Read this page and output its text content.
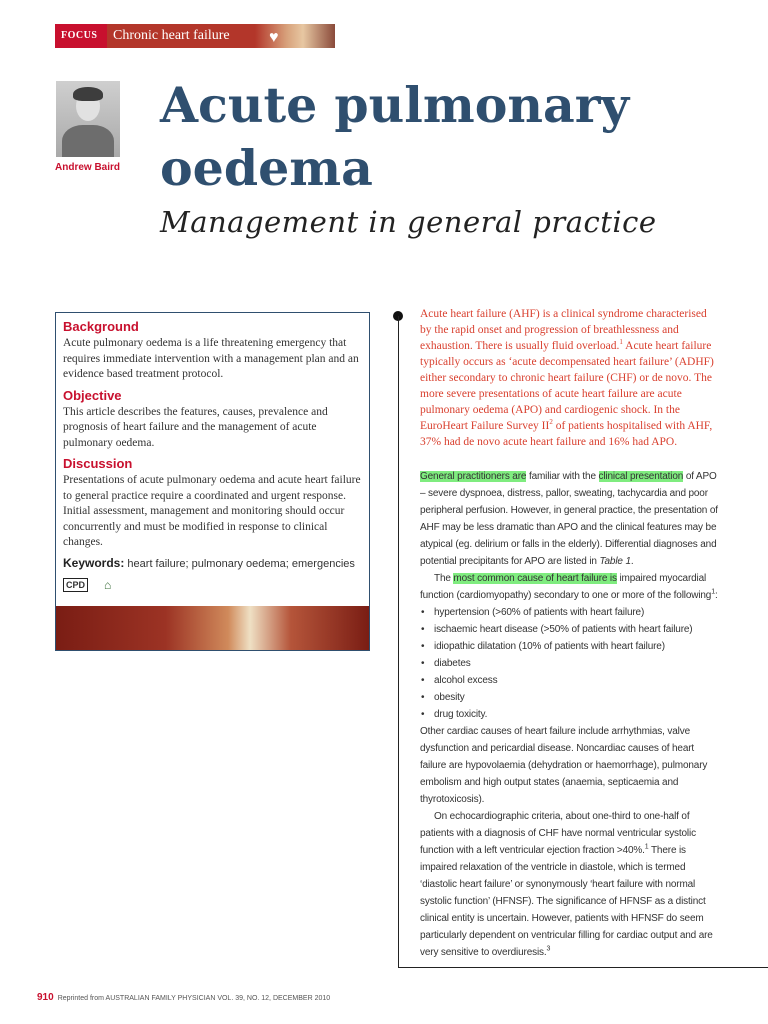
FOCUS	Chronic heart failure ♥
Andrew Baird
Acute pulmonary
oedema
Management in general practice
Background

Acute pulmonary oedema is a life threatening emergency that requires immediate intervention with a management plan and an evidence based treatment protocol.

Objective

This article describes the features, causes, prevalence and prognosis of heart failure and the management of acute pulmonary oedema.

Discussion

Presentations of acute pulmonary oedema and acute heart failure to general practice require a coordinated and urgent response. Initial assessment, management and monitoring should occur concurrently and must be modified in response to clinical changes.

Keywords: heart failure; pulmonary oedema; emergencies

CPD ⌂

Acute heart failure (AHF) is a clinical syndrome characterised by the rapid onset and progression of breathlessness and exhaustion. There is usually fluid overload.$^1$ Acute heart failure typically occurs as ‘acute decompensated heart failure’ (ADHF) either secondary to chronic heart failure (CHF) or de novo. The more severe presentations of acute heart failure are acute pulmonary oedema (APO) and cardiogenic shock. In the EuroHeart Failure Survey $II^2$ of patients hospitalised with AHF, 37% had de novo acute heart failure and 16% had APO.

General practitioners are familiar with the clinical presentation of APO – severe dyspnoea, distress, pallor, sweating, tachycardia and poor peripheral perfusion. However, in general practice, the presentation of AHF may be less dramatic than APO and the clinical features may be atypical (eg. delirium or falls in the elderly). Differential diagnoses and potential precipitants for APO are listed in Table 1.

The most common cause of heart failure is impaired myocardial function (cardiomyopathy) secondary to one or more of the following$^1$:

• hypertension (>60% of patients with heart failure)
• ischaemic heart disease (>50% of patients with heart failure)
• idiopathic dilatation (10% of patients with heart failure)
• diabetes
• alcohol excess
• obesity
• drug toxicity.

Other cardiac causes of heart failure include arrhythmias, valve dysfunction and pericardial disease. Noncardiac causes of heart failure are hypovolaemia (dehydration or haemorrhage), pulmonary embolism and high output states (anaemia, septicaemia and thyrotoxicosis).

On echocardiographic criteria, about one-third to one-half of patients with a diagnosis of CHF have normal ventricular systolic function with a left ventricular ejection fraction >40%.$^1$ There is impaired relaxation of the ventricle in diastole, which is termed ‘diastolic heart failure’ or synonymously ‘heart failure with normal systolic function’ (HFNSF). The significance of HFNSF as a distinct clinical entity is uncertain. However, patients with HFNSF do seem particularly dependent on ventricular filling for cardiac output and are very sensitive to overdiuresis.$^3$

910 Reprinted from AUSTRALIAN FAMILY PHYSICIAN VOL. 39, NO. 12, DECEMBER 2010
